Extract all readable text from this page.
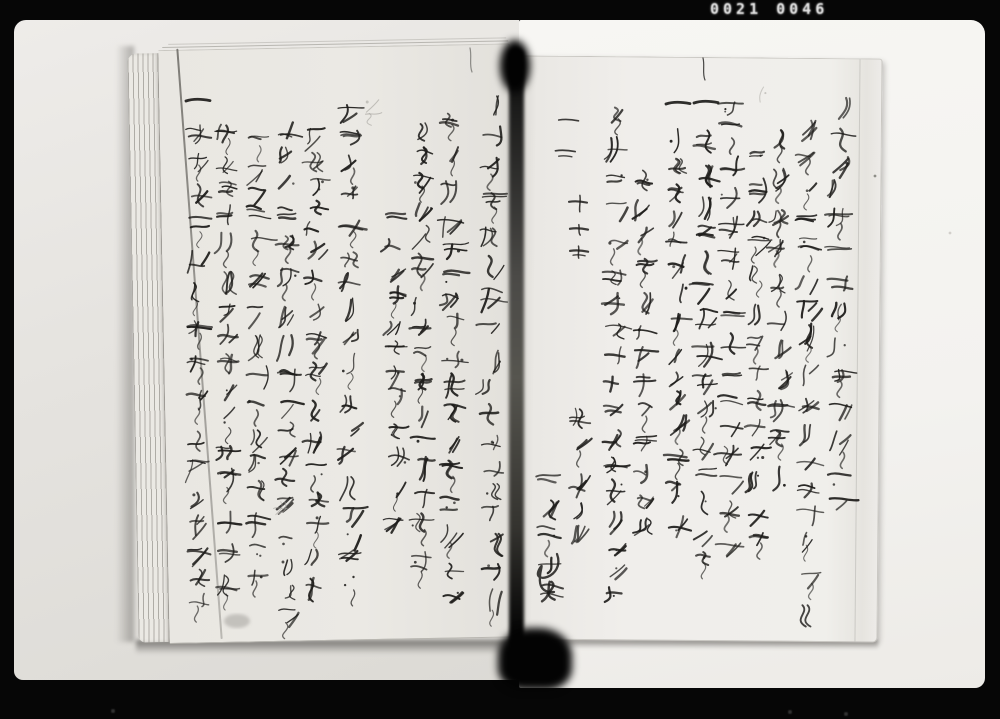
0021 0046
